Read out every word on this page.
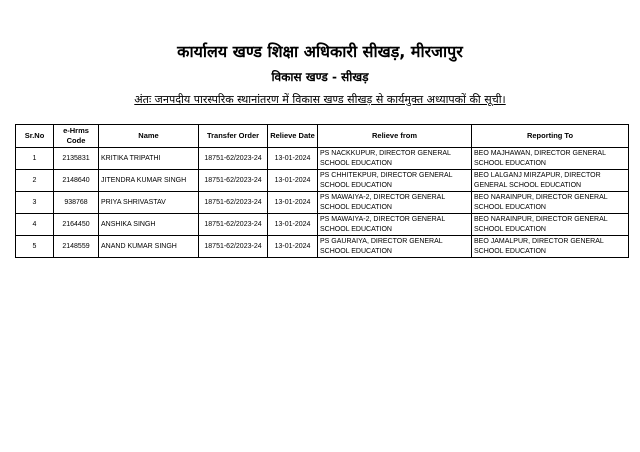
कार्यालय खण्ड शिक्षा अधिकारी सीखड़, मीरजापुर
विकास खण्ड - सीखड़
अंतः जनपदीय पारस्परिक स्थानांतरण में विकास खण्ड सीखड़ से कार्यमुक्त अध्यापकों की सूची।
Sr.No	e-Hrms Code	Name	Transfer Order	Relieve Date	Relieve from	Reporting To
1	2135831	KRITIKA TRIPATHI	18751-62/2023-24	13-01-2024	PS NACKKUPUR, DIRECTOR GENERAL SCHOOL EDUCATION	BEO MAJHAWAN, DIRECTOR GENERAL SCHOOL EDUCATION
2	2148640	JITENDRA KUMAR SINGH	18751-62/2023-24	13-01-2024	PS CHHITEKPUR, DIRECTOR GENERAL SCHOOL EDUCATION	BEO LALGANJ MIRZAPUR, DIRECTOR GENERAL SCHOOL EDUCATION
3	938768	PRIYA SHRIVASTAV	18751-62/2023-24	13-01-2024	PS MAWAIYA-2, DIRECTOR GENERAL SCHOOL EDUCATION	BEO NARAINPUR, DIRECTOR GENERAL SCHOOL EDUCATION
4	2164450	ANSHIKA SINGH	18751-62/2023-24	13-01-2024	PS MAWAIYA-2, DIRECTOR GENERAL SCHOOL EDUCATION	BEO NARAINPUR, DIRECTOR GENERAL SCHOOL EDUCATION
5	2148559	ANAND KUMAR SINGH	18751-62/2023-24	13-01-2024	PS GAURAIYA, DIRECTOR GENERAL SCHOOL EDUCATION	BEO JAMALPUR, DIRECTOR GENERAL SCHOOL EDUCATION
